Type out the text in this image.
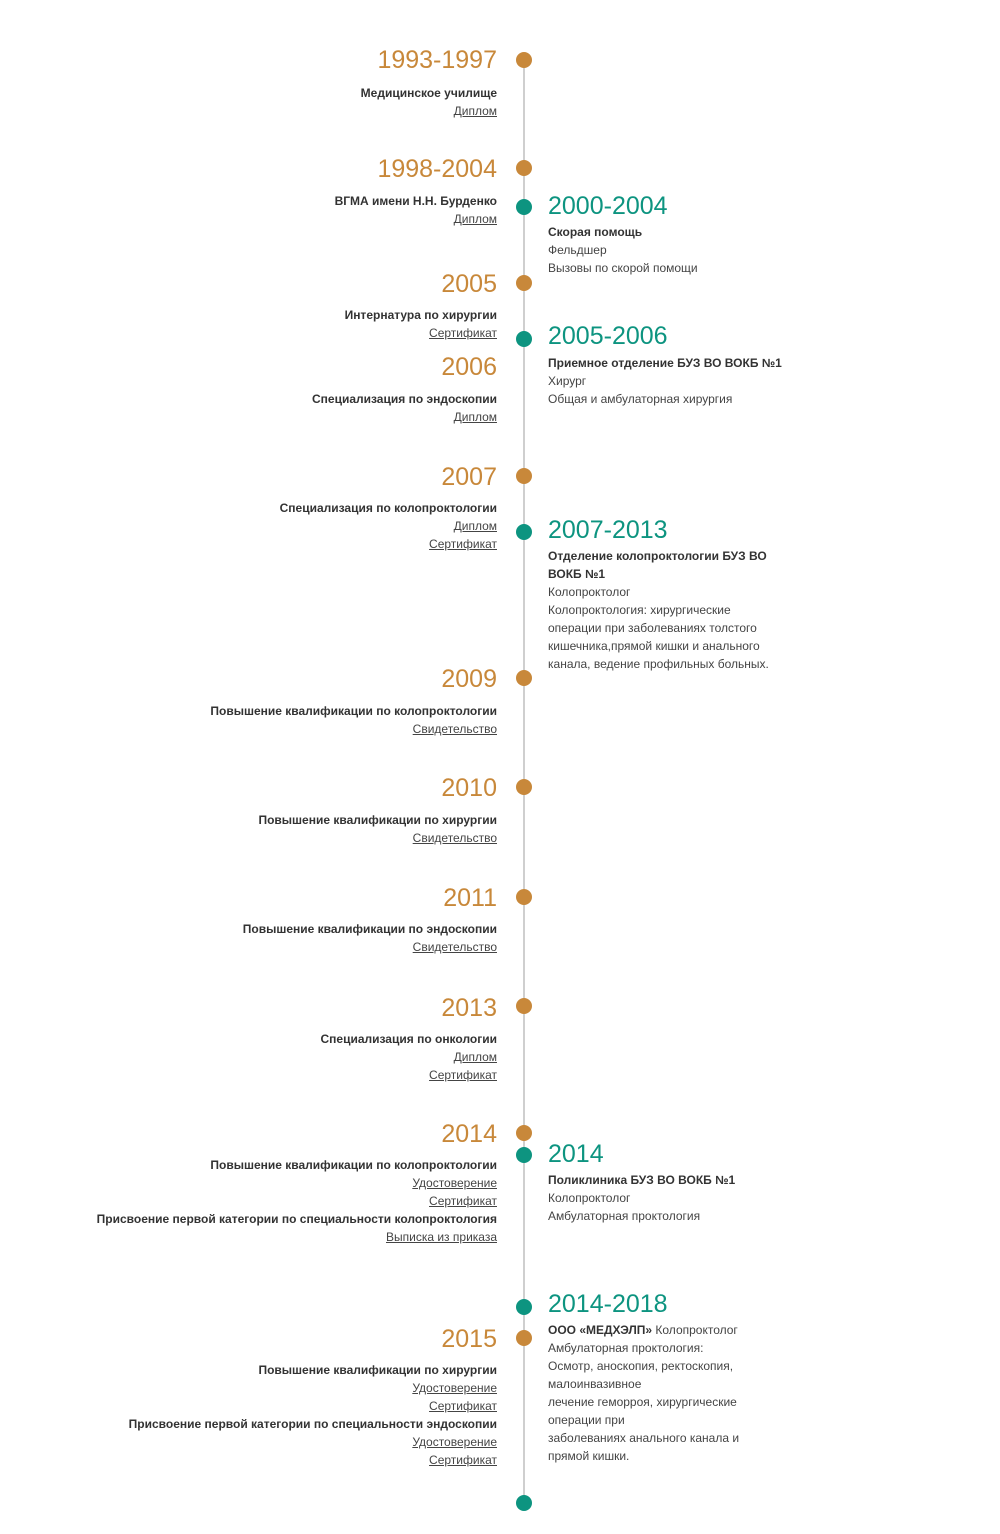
1993-1997
Медицинское училище
Диплом
1998-2004
ВГМА имени Н.Н. Бурденко
Диплом
2005
Интернатура по хирургии
Сертификат
2006
Специализация по эндоскопии
Диплом
2007
Специализация по колопроктологии
Диплом
Сертификат
2009
Повышение квалификации по колопроктологии
Свидетельство
2010
Повышение квалификации по хирургии
Свидетельство
2011
Повышение квалификации по эндоскопии
Свидетельство
2013
Специализация по онкологии
Диплом
Сертификат
2014
Повышение квалификации по колопроктологии
Удостоверение
Сертификат
Присвоение первой категории по специальности колопроктология
Выписка из приказа
2015
Повышение квалификации по хирургии
Удостоверение
Сертификат
Присвоение первой категории по специальности эндоскопии
Удостоверение
Сертификат
2000-2004
Скорая помощь
Фельдшер
Вызовы по скорой помощи
2005-2006
Приемное отделение БУЗ ВО ВОКБ №1
Хирург
Общая и амбулаторная хирургия
2007-2013
Отделение колопроктологии БУЗ ВО ВОКБ №1
Колопроктолог
Колопроктология: хирургические операции при заболеваниях толстого кишечника,прямой кишки и анального канала, ведение профильных больных.
2014
Поликлиника БУЗ ВО ВОКБ №1
Колопроктолог
Амбулаторная проктология
2014-2018
ООО «МЕДХЭЛП» Колопроктолог
Амбулаторная проктология:
Осмотр, аноскопия, ректоскопия, малоинвазивное
лечение геморроя, хирургические операции при
заболеваниях анального канала и прямой кишки.
